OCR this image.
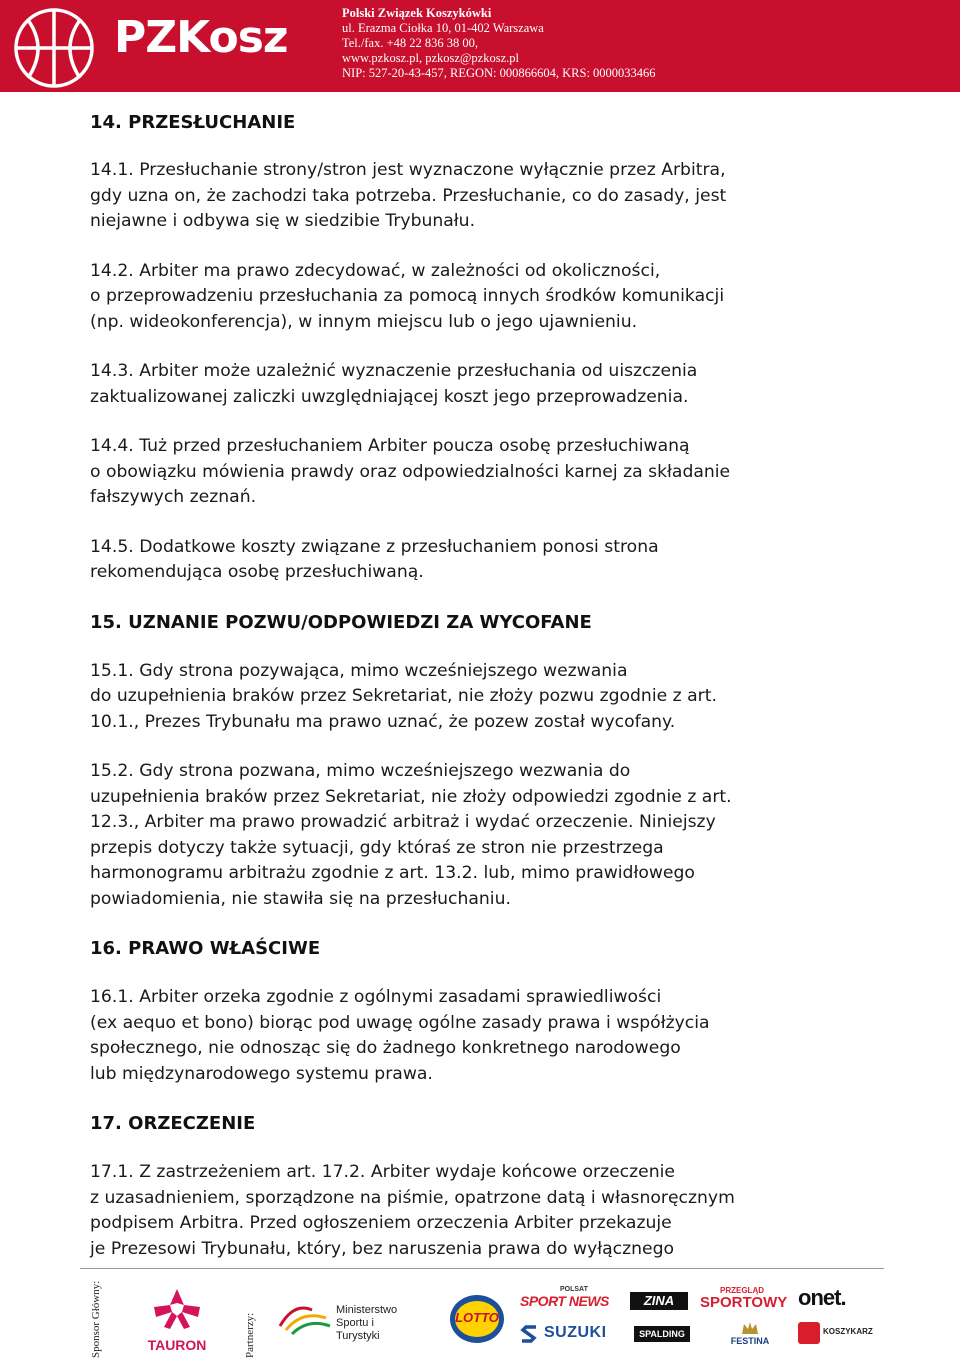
PZKosz	Polski Związek Koszykówki
ul. Erazma Ciołka 10, 01-402 Warszawa
Tel./fax. +48 22 836 38 00,
www.pzkosz.pl, pzkosz@pzkosz.pl
NIP: 527-20-43-457, REGON: 000866604, KRS: 0000033466
14. PRZESŁUCHANIE
14.1. Przesłuchanie strony/stron jest wyznaczone wyłącznie przez Arbitra,
gdy uzna on, że zachodzi taka potrzeba. Przesłuchanie, co do zasady, jest
niejawne i odbywa się w siedzibie Trybunału.
14.2. Arbiter ma prawo zdecydować, w zależności od okoliczności,
o przeprowadzeniu przesłuchania za pomocą innych środków komunikacji
(np. wideokonferencja), w innym miejscu lub o jego ujawnieniu.
14.3. Arbiter może uzależnić wyznaczenie przesłuchania od uiszczenia
zaktualizowanej zaliczki uwzględniającej koszt jego przeprowadzenia.
14.4. Tuż przed przesłuchaniem Arbiter poucza osobę przesłuchiwaną
o obowiązku mówienia prawdy oraz odpowiedzialności karnej za składanie
fałszywych zeznań.
14.5. Dodatkowe koszty związane z przesłuchaniem ponosi strona
rekomendująca osobę przesłuchiwaną.
15. UZNANIE POZWU/ODPOWIEDZI ZA WYCOFANE
15.1. Gdy strona pozywająca, mimo wcześniejszego wezwania
do uzupełnienia braków przez Sekretariat, nie złoży pozwu zgodnie z art.
10.1., Prezes Trybunału ma prawo uznać, że pozew został wycofany.
15.2. Gdy strona pozwana, mimo wcześniejszego wezwania do
uzupełnienia braków przez Sekretariat, nie złoży odpowiedzi zgodnie z art.
12.3., Arbiter ma prawo prowadzić arbitraż i wydać orzeczenie. Niniejszy
przepis dotyczy także sytuacji, gdy któraś ze stron nie przestrzega
harmonogramu arbitrażu zgodnie z art. 13.2. lub, mimo prawidłowego
powiadomienia, nie stawiła się na przesłuchaniu.
16. PRAWO WŁAŚCIWE
16.1. Arbiter orzeka zgodnie z ogólnymi zasadami sprawiedliwości
(ex aequo et bono) biorąc pod uwagę ogólne zasady prawa i współżycia
społecznego, nie odnosząc się do żadnego konkretnego narodowego
lub międzynarodowego systemu prawa.
17. ORZECZENIE
17.1. Z zastrzeżeniem art. 17.2. Arbiter wydaje końcowe orzeczenie
z uzasadnieniem, sporządzone na piśmie, opatrzone datą i własnoręcznym
podpisem Arbitra. Przed ogłoszeniem orzeczenia Arbiter przekazuje
je Prezesowi Trybunału, który, bez naruszenia prawa do wyłącznego
Sponsor Główny:	TAURON	Partnerzy:
Ministerstwo
Sportu i Turystyki
LOTTO
POLSAT
SPORT NEWS	ZINA
PRZEGLĄD
SPORTOWY onet.
SUZUKI	SPALDING
FESTINA
KOSZYKARZ
